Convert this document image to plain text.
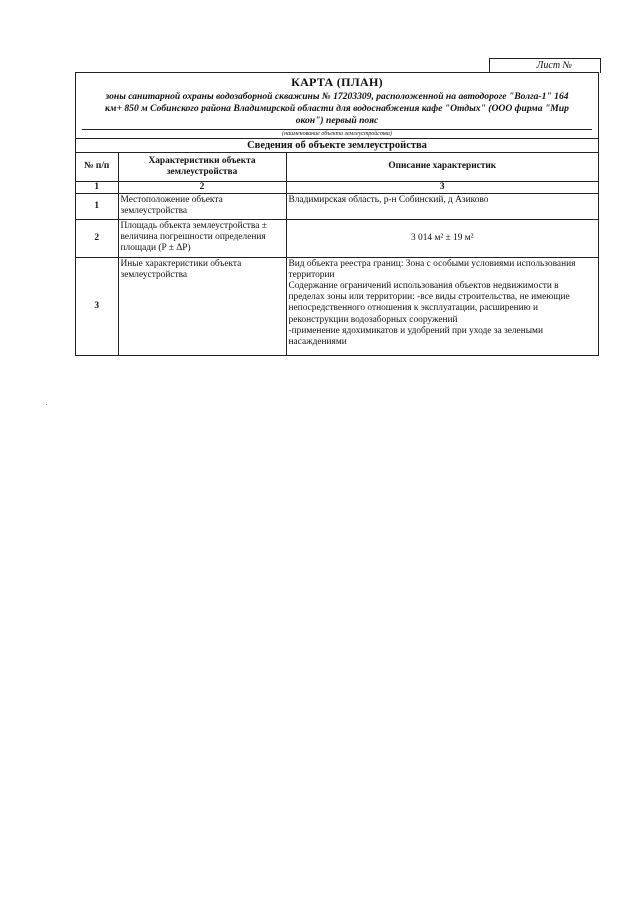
Лист №
КАРТА (ПЛАН)
зоны санитарной охраны водозаборной скважины № 17203309, расположенной на автодороге "Волга-1" 164
км+ 850 м Собинского района Владимирской области для водоснабжения кафе "Отдых" (ООО фирма "Мир
окон") первый пояс
(наименование объекта землеустройства)
Сведения об объекте землеустройства
№ п/п	Характеристики объекта землеустройства	Описание характеристик
1	2	3
1	Местоположение объекта землеустройства	Владимирская область, р-н Собинский, д Азиково

2	Площадь объекта землеустройства ± величина погрешности определения площади (P ± ΔP)	3 014 м² ± 19 м²

3	Иные характеристики объекта землеустройства	Вид объекта реестра границ: Зона с особыми условиями использования территории
Содержание ограничений использования объектов недвижимости в пределах зоны или территории: -все виды строительства, не имеющие непосредственного отношения к эксплуатации, расширению и реконструкции водозаборных сооружений
-применение ядохимикатов и удобрений при уходе за зелеными насаждениями
